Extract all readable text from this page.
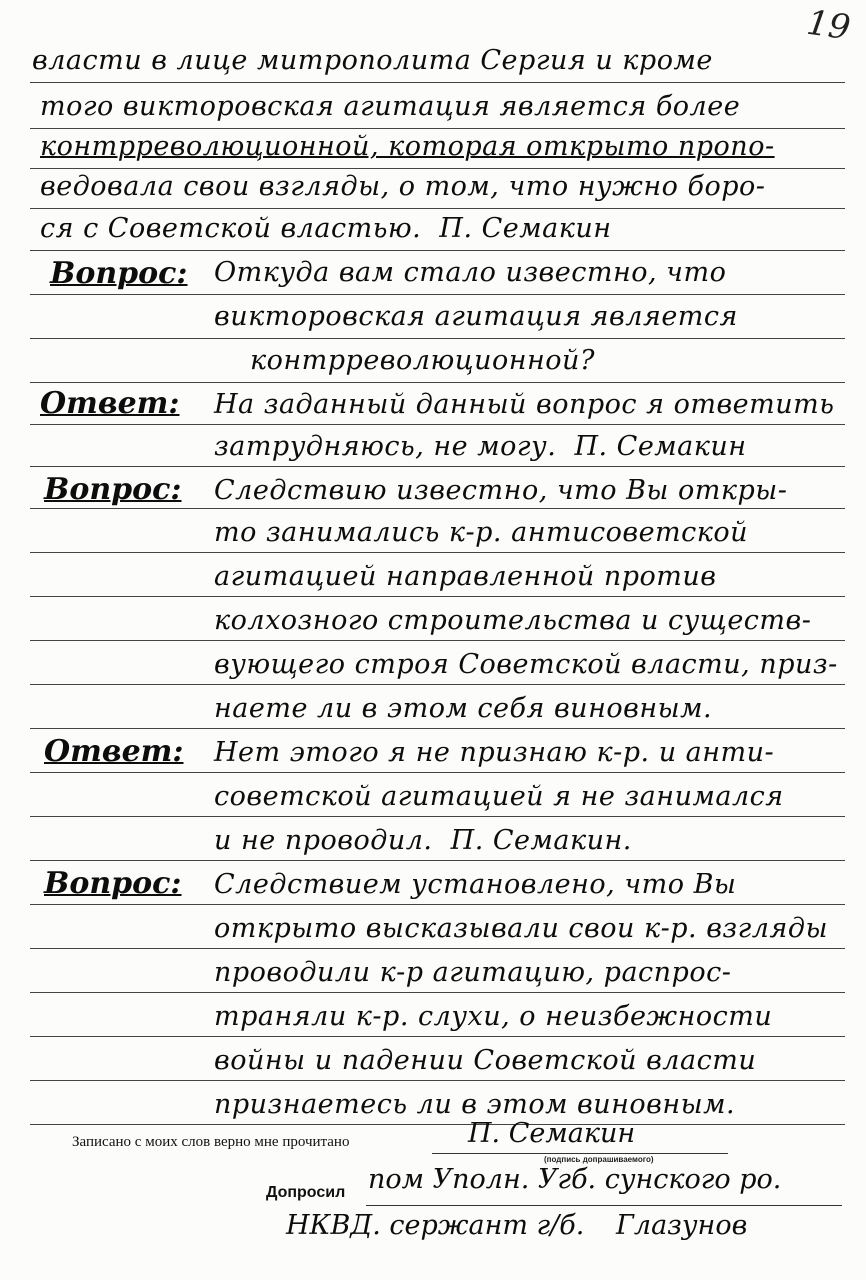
19
власти в лице митрополита Сергия и кроме
того викторовская агитация является более
контрреволюционной, которая открыто пропо-
ведовала свои взгляды, о том, что нужно боро-
ся с Советской властью. П. Семакин
Вопрос: Откуда вам стало известно, что
викторовская агитация является
контрреволюционной?
Ответ: На заданный данный вопрос я ответить
затрудняюсь, не могу. П. Семакин
Вопрос: Следствию известно, что Вы откры-
то занимались к-р. антисоветской
агитацией направленной против
колхозного строительства и существ-
вующего строя Советской власти, приз-
наете ли в этом себя виновным.
Ответ: Нет этого я не признаю к-р. и анти-
советской агитацией я не занимался
и не проводил. П. Семакин.
Вопрос: Следствием установлено, что Вы
открыто высказывали свои к-р. взгляды
проводили к-р агитацию, распрос-
траняли к-р. слухи, о неизбежности
войны и падении Советской власти
признаетесь ли в этом виновным.
Записано с моих слов верно мне прочитано	П. Семакин
(подпись допрашиваемого)
Допросил пом Уполн. Угб. сунского ро.
НКВД. сержант г/б. Глазунов
